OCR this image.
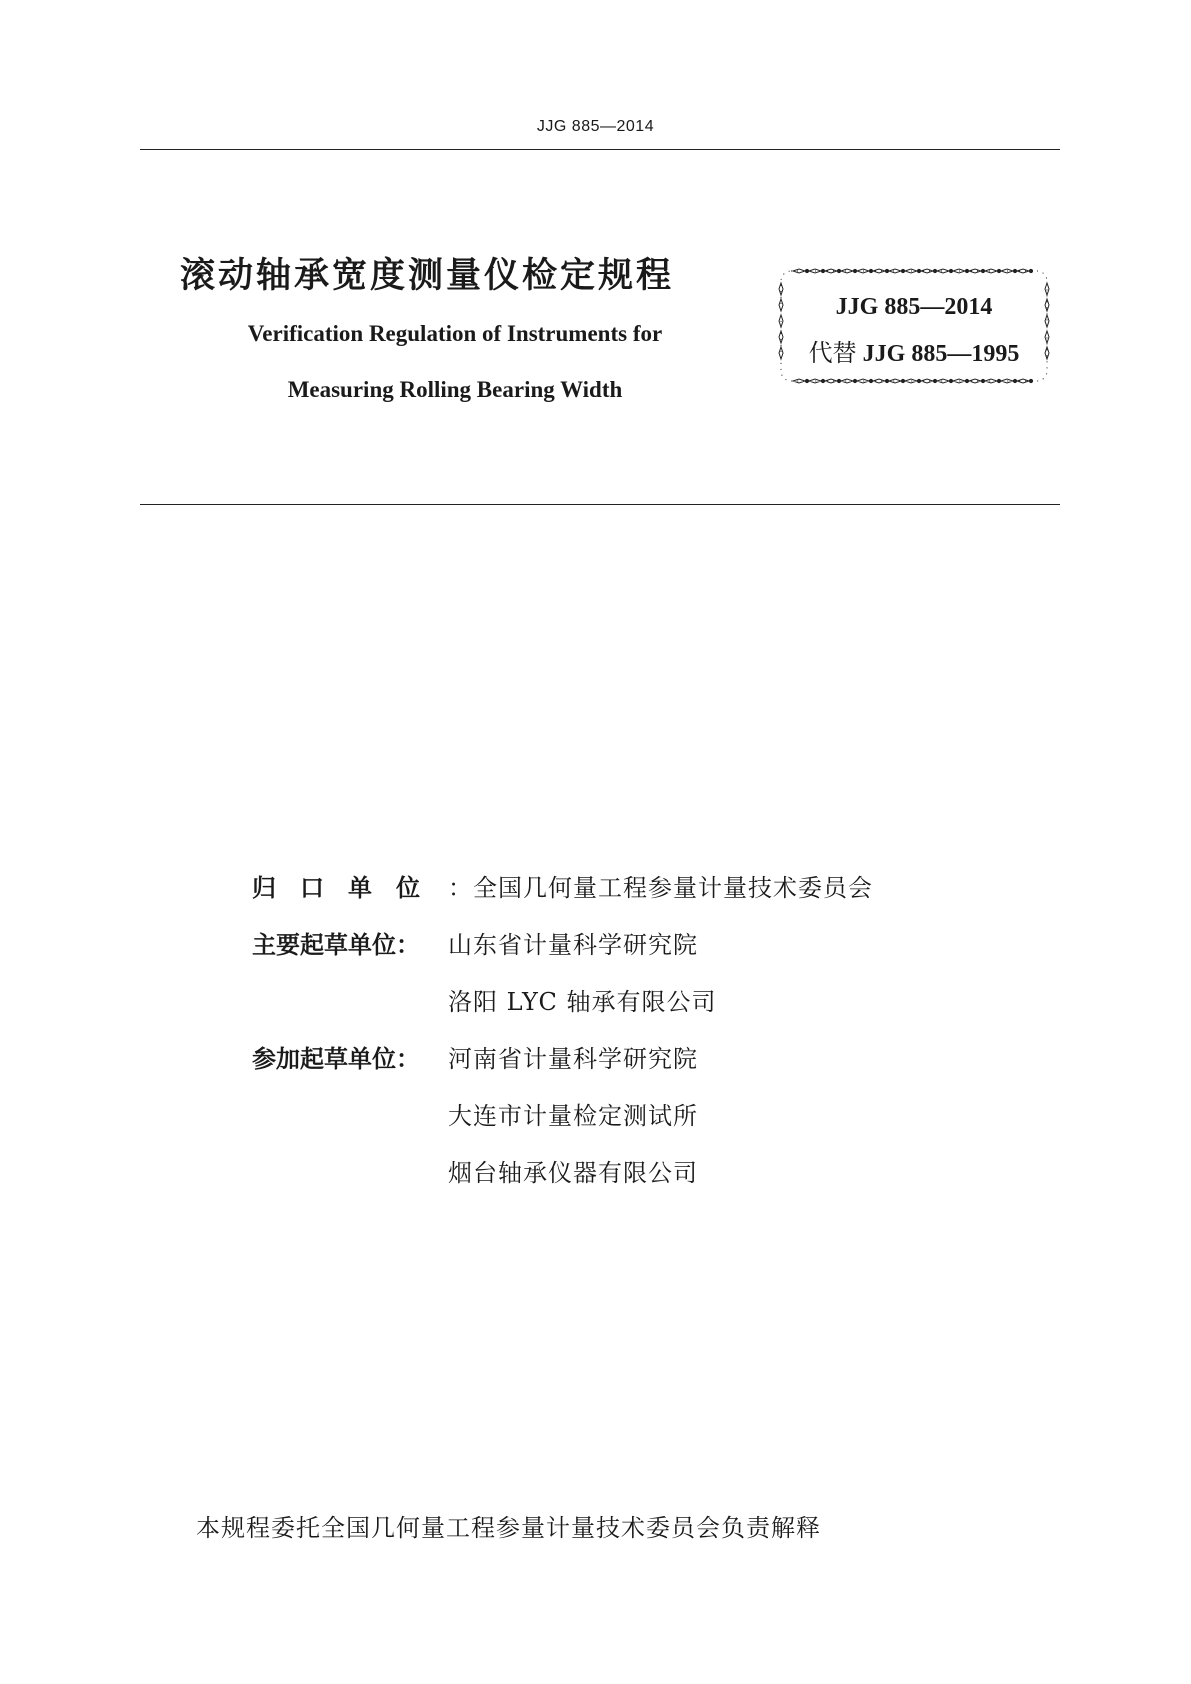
JJG 885—2014
滚动轴承宽度测量仪检定规程
Verification Regulation of Instruments for
Measuring Rolling Bearing Width
JJG 885—2014
代替 JJG 885—1995
归 口 单 位 ：全国几何量工程参量计量技术委员会
主要起草单位：	山东省计量科学研究院
洛阳 LYC 轴承有限公司
参加起草单位：	河南省计量科学研究院
大连市计量检定测试所
烟台轴承仪器有限公司
本规程委托全国几何量工程参量计量技术委员会负责解释
